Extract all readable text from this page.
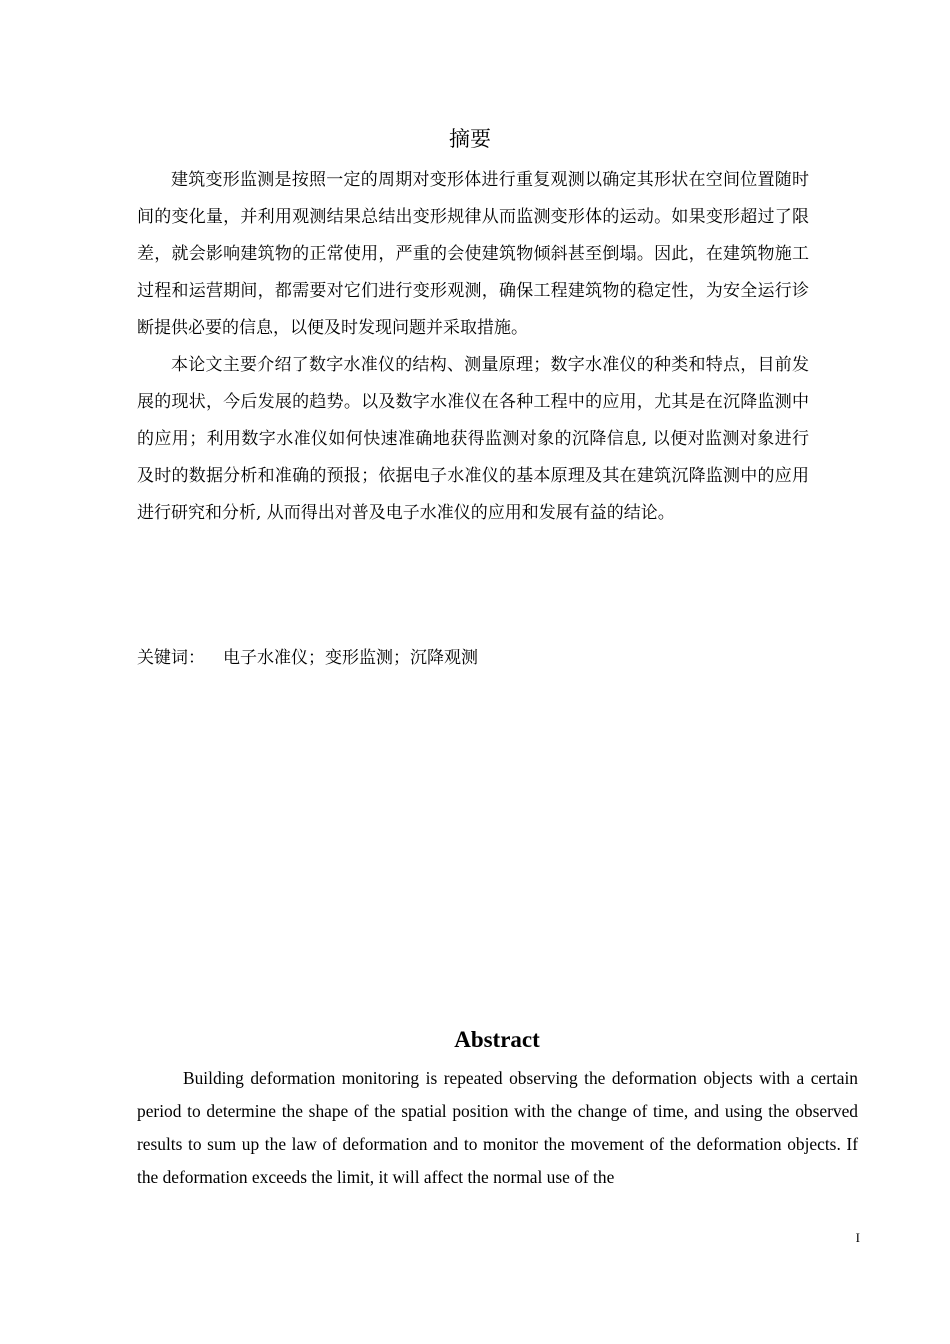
摘要

建筑变形监测是按照一定的周期对变形体进行重复观测以确定其形状在空间位置随时间的变化量，并利用观测结果总结出变形规律从而监测变形体的运动。如果变形超过了限差，就会影响建筑物的正常使用，严重的会使建筑物倾斜甚至倒塌。因此，在建筑物施工过程和运营期间，都需要对它们进行变形观测，确保工程建筑物的稳定性，为安全运行诊断提供必要的信息，以便及时发现问题并采取措施。

本论文主要介绍了数字水准仪的结构、测量原理；数字水准仪的种类和特点，目前发展的现状，今后发展的趋势。以及数字水准仪在各种工程中的应用，尤其是在沉降监测中的应用；利用数字水准仪如何快速准确地获得监测对象的沉降信息, 以便对监测对象进行及时的数据分析和准确的预报；依据电子水准仪的基本原理及其在建筑沉降监测中的应用进行研究和分析, 从而得出对普及电子水准仪的应用和发展有益的结论。

关键词： 电子水准仪；变形监测；沉降观测
Abstract

Building deformation monitoring is repeated observing the deformation objects with a certain period to determine the shape of the spatial position with the change of time, and using the observed results to sum up the law of deformation and to monitor the movement of the deformation objects. If the deformation exceeds the limit, it will affect the normal use of the

I
